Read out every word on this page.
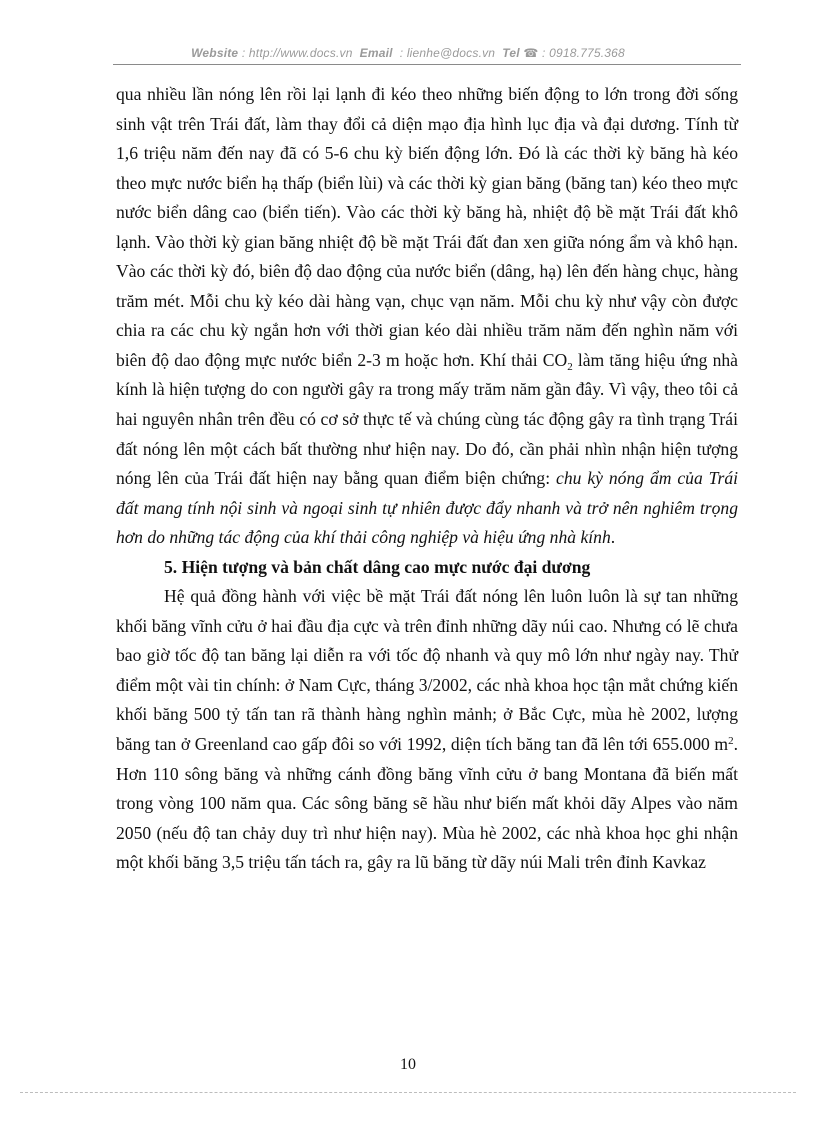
Website : http://www.docs.vn Email : lienhe@docs.vn Tel ☎ : 0918.775.368

qua nhiều lần nóng lên rồi lại lạnh đi kéo theo những biến động to lớn trong đời sống sinh vật trên Trái đất, làm thay đổi cả diện mạo địa hình lục địa và đại dương. Tính từ 1,6 triệu năm đến nay đã có 5-6 chu kỳ biến động lớn. Đó là các thời kỳ băng hà kéo theo mực nước biển hạ thấp (biển lùi) và các thời kỳ gian băng (băng tan) kéo theo mực nước biển dâng cao (biển tiến). Vào các thời kỳ băng hà, nhiệt độ bề mặt Trái đất khô lạnh. Vào thời kỳ gian băng nhiệt độ bề mặt Trái đất đan xen giữa nóng ẩm và khô hạn. Vào các thời kỳ đó, biên độ dao động của nước biển (dâng, hạ) lên đến hàng chục, hàng trăm mét. Mỗi chu kỳ kéo dài hàng vạn, chục vạn năm. Mỗi chu kỳ như vậy còn được chia ra các chu kỳ ngắn hơn với thời gian kéo dài nhiều trăm năm đến nghìn năm với biên độ dao động mực nước biển 2-3 m hoặc hơn. Khí thải $CO_2$ làm tăng hiệu ứng nhà kính là hiện tượng do con người gây ra trong mấy trăm năm gần đây. Vì vậy, theo tôi cả hai nguyên nhân trên đều có cơ sở thực tế và chúng cùng tác động gây ra tình trạng Trái đất nóng lên một cách bất thường như hiện nay. Do đó, cần phải nhìn nhận hiện tượng nóng lên của Trái đất hiện nay bằng quan điểm biện chứng: chu kỳ nóng ẩm của Trái đất mang tính nội sinh và ngoại sinh tự nhiên được đẩy nhanh và trở nên nghiêm trọng hơn do những tác động của khí thải công nghiệp và hiệu ứng nhà kính.

5. Hiện tượng và bản chất dâng cao mực nước đại dương

Hệ quả đồng hành với việc bề mặt Trái đất nóng lên luôn luôn là sự tan những khối băng vĩnh cửu ở hai đầu địa cực và trên đỉnh những dãy núi cao. Nhưng có lẽ chưa bao giờ tốc độ tan băng lại diễn ra với tốc độ nhanh và quy mô lớn như ngày nay. Thử điểm một vài tin chính: ở Nam Cực, tháng 3/2002, các nhà khoa học tận mắt chứng kiến khối băng 500 tỷ tấn tan rã thành hàng nghìn mảnh; ở Bắc Cực, mùa hè 2002, lượng băng tan ở Greenland cao gấp đôi so với 1992, diện tích băng tan đã lên tới 655.000 $m^2$. Hơn 110 sông băng và những cánh đồng băng vĩnh cửu ở bang Montana đã biến mất trong vòng 100 năm qua. Các sông băng sẽ hầu như biến mất khỏi dãy Alpes vào năm 2050 (nếu độ tan chảy duy trì như hiện nay). Mùa hè 2002, các nhà khoa học ghi nhận một khối băng 3,5 triệu tấn tách ra, gây ra lũ băng từ dãy núi Mali trên đỉnh Kavkaz

10
